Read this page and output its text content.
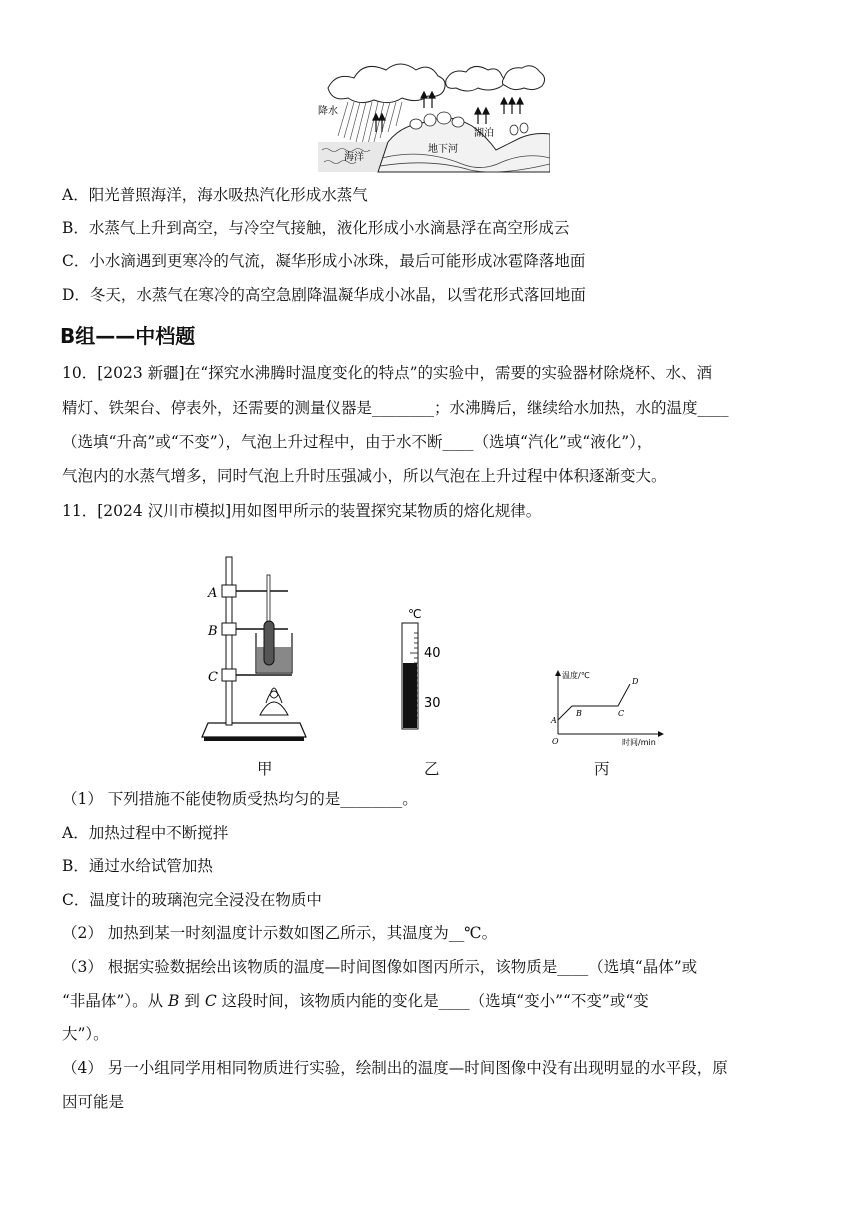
降水
海洋
湖泊
地下河
A．阳光普照海洋，海水吸热汽化形成水蒸气
B．水蒸气上升到高空，与冷空气接触，液化形成小水滴悬浮在高空形成云
C．小水滴遇到更寒冷的气流，凝华形成小冰珠，最后可能形成冰雹降落地面
D．冬天，水蒸气在寒冷的高空急剧降温凝华成小冰晶，以雪花形式落回地面
B组——中档题
10．[2023 新疆]在“探究水沸腾时温度变化的特点”的实验中，需要的实验器材除烧杯、水、酒
精灯、铁架台、停表外，还需要的测量仪器是________；水沸腾后，继续给水加热，水的温度____
（选填“升高”或“不变”），气泡上升过程中，由于水不断____（选填“汽化”或“液化”），
气泡内的水蒸气增多，同时气泡上升时压强减小，所以气泡在上升过程中体积逐渐变大。
11．[2024 汉川市模拟]用如图甲所示的装置探究某物质的熔化规律。
A
B
C
甲
℃
40
30
乙
温度/℃
时间/min
O
A
B	C
D
丙
（1） 下列措施不能使物质受热均匀的是________。
A．加热过程中不断搅拌
B．通过水给试管加热
C．温度计的玻璃泡完全浸没在物质中
（2） 加热到某一时刻温度计示数如图乙所示，其温度为__℃。
（3） 根据实验数据绘出该物质的温度—时间图像如图丙所示，该物质是____（选填“晶体”或
“非晶体”）。从 B 到 C 这段时间，该物质内能的变化是____（选填“变小”“不变”或“变
大”）。
（4） 另一小组同学用相同物质进行实验，绘制出的温度—时间图像中没有出现明显的水平段，原
因可能是
